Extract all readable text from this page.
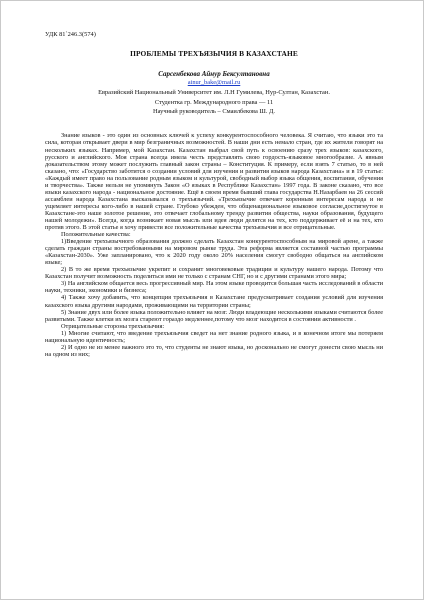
УДК 81`246.3(574)
ПРОБЛЕМЫ ТРЕХЪЯЗЫЧИЯ В КАЗАХСТАНЕ
Сарсенбекова Айнур Бексултановна
ainur_bake@mail.ru
Евразийский Национальный Университет им. Л.Н Гумилева, Нур-Султан, Казахстан.
Студентка гр. Международного права — 11
Научный руководитель – Смаилбекова Ш. Д.

Знание языков - это один из основных ключей к успеху конкурентоспособного человека. Я считаю, что языки это та сила, которая открывает двери в мир безграничных возможностей. В наши дни есть немало стран, где их жители говорят на нескольких языках. Например, мой Казахстан. Казахстан выбрал свой путь к освоению сразу трех языков: казахского, русского и английского. Моя страна всегда имела честь представлять свою гордость-языковое многообразие. А явным доказательством этому может послужить главный закон страны – Конституция. К примеру, если взять 7 статью, то в ней сказано, что: «Государство заботится о создании условий для изучения и развития языков народа Казахстана» и в 19 статье: «Каждый имеет право на пользование родным языком и культурой, свободный выбор языка общения, воспитания, обучения и творчества». Также нельзя не упомянуть Закон «О языках в Республике Казахстан» 1997 года. В законе сказано, что все языки казахского народа - национальное достояние. Ещё в своем время бывший глава государства Н.Назарбаев на 26 сессий ассамблеи народа Казахстана высказывался о трехъязычий. «Трехъязычие отвечает коренным интересам народа и не ущемляет интересы кого-либо в нашей стране. Глубоко убежден, что общенациональное языковое согласие,достигнутое в Казахстане-это наше золотое решение, это отвечает глобальному тренду развития общества, науки образования, будущего нашей молодежи». Всегда, когда возникает новая мысль или идея люди делятся на тех, кто поддерживает её и на тех, кто против этого. В этой статье я хочу привести все положительные качества трехъязычия и все отрицательные.

Положительные качества:

1)Введение трехъязычного образования должно сделать Казахстан конкурентоспособным на мировой арене, а также сделать граждан страны востребованными на мировом рынке труда. Эта реформа является составной частью программы «Казахстан-2030». Уже запланировано, что к 2020 году около 20% населения смогут свободно общаться на английском языке;

2) В то же время трехъязычие укрепит и сохранит многовековые традиции и культуру нашего народа. Потому что Казахстан получит возможность поделиться ими не только с странам СНГ, но и с другими странами этого мира;

3) На английском общается весь прогрессивный мир. На этом языке проводится большая часть исследований в области науки, техники, экономики и бизнеса;

4) Также хочу добавить, что концепция трехъязычия в Казахстане предусматривает создания условий для изучения казахского языка другими народами, проживающими на территории страны;

5) Знание двух или более языка положительно влияет на мозг. Люди владеющие несколькими языками считаются более развитыми. Также клетки их мозга стареют гораздо медленнее,потому что мозг находится в состоянии активности .

Отрицательные стороны трехъязычия:

1) Многие считают, что введение трехъязычия сведет на нет знание родного языка, и в конечном итоге мы потеряем национальную идентичность;

2) И одно не из менее важного это то, что студенты не знают языка, но досконально не смогут донести свою мысль ни на одном из них;
